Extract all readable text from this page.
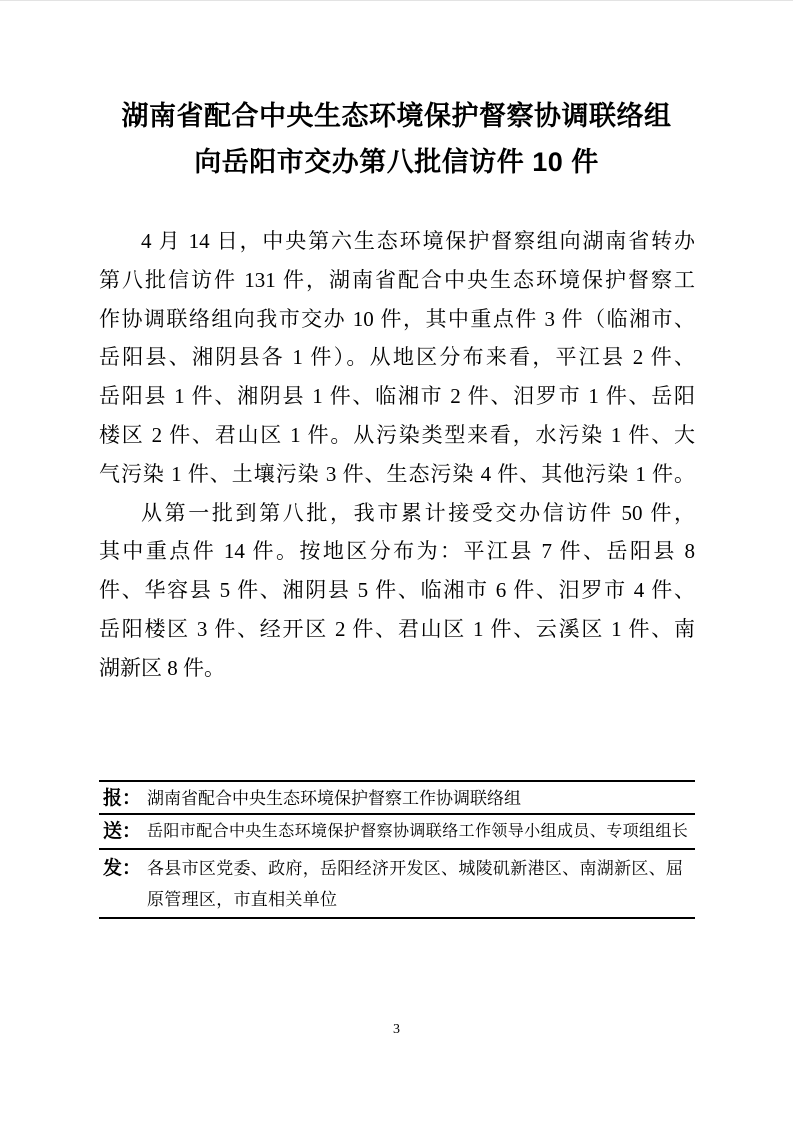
湖南省配合中央生态环境保护督察协调联络组
向岳阳市交办第八批信访件 10 件
4 月 14 日，中央第六生态环境保护督察组向湖南省转办
第八批信访件 131 件，湖南省配合中央生态环境保护督察工
作协调联络组向我市交办 10 件，其中重点件 3 件（临湘市、
岳阳县、湘阴县各 1 件）。从地区分布来看，平江县 2 件、
岳阳县 1 件、湘阴县 1 件、临湘市 2 件、汨罗市 1 件、岳阳
楼区 2 件、君山区 1 件。从污染类型来看，水污染 1 件、大
气污染 1 件、土壤污染 3 件、生态污染 4 件、其他污染 1 件。
从第一批到第八批，我市累计接受交办信访件 50 件，
其中重点件 14 件。按地区分布为：平江县 7 件、岳阳县 8
件、华容县 5 件、湘阴县 5 件、临湘市 6 件、汨罗市 4 件、
岳阳楼区 3 件、经开区 2 件、君山区 1 件、云溪区 1 件、南
湖新区 8 件。
报： 湖南省配合中央生态环境保护督察工作协调联络组
送： 岳阳市配合中央生态环境保护督察协调联络工作领导小组成员、专项组组长
发： 各县市区党委、政府，岳阳经济开发区、城陵矶新港区、南湖新区、屈原管理区，市直相关单位
3
